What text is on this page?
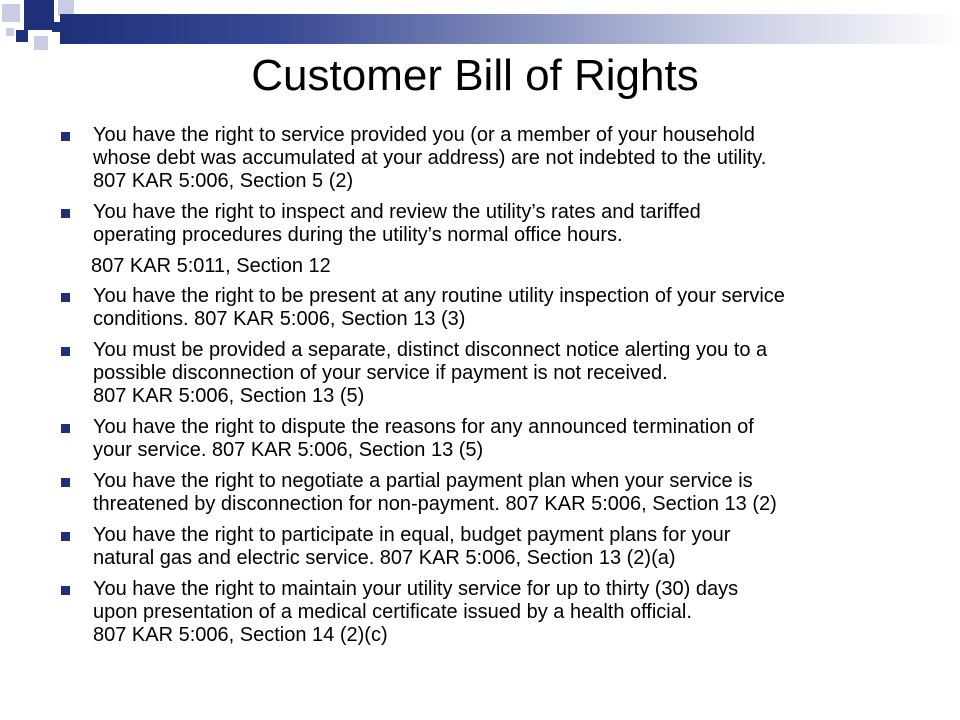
Customer Bill of Rights
You have the right to service provided you (or a member of your household
whose debt was accumulated at your address) are not indebted to the utility.
807 KAR 5:006, Section 5 (2)
You have the right to inspect and review the utility’s rates and tariffed
operating procedures during the utility’s normal office hours.
807 KAR 5:011, Section 12
You have the right to be present at any routine utility inspection of your service
conditions. 807 KAR 5:006, Section 13 (3)
You must be provided a separate, distinct disconnect notice alerting you to a
possible disconnection of your service if payment is not received.
807 KAR 5:006, Section 13 (5)
You have the right to dispute the reasons for any announced termination of
your service. 807 KAR 5:006, Section 13 (5)
You have the right to negotiate a partial payment plan when your service is
threatened by disconnection for non-payment. 807 KAR 5:006, Section 13 (2)
You have the right to participate in equal, budget payment plans for your
natural gas and electric service. 807 KAR 5:006, Section 13 (2)(a)
You have the right to maintain your utility service for up to thirty (30) days
upon presentation of a medical certificate issued by a health official.
807 KAR 5:006, Section 14 (2)(c)
